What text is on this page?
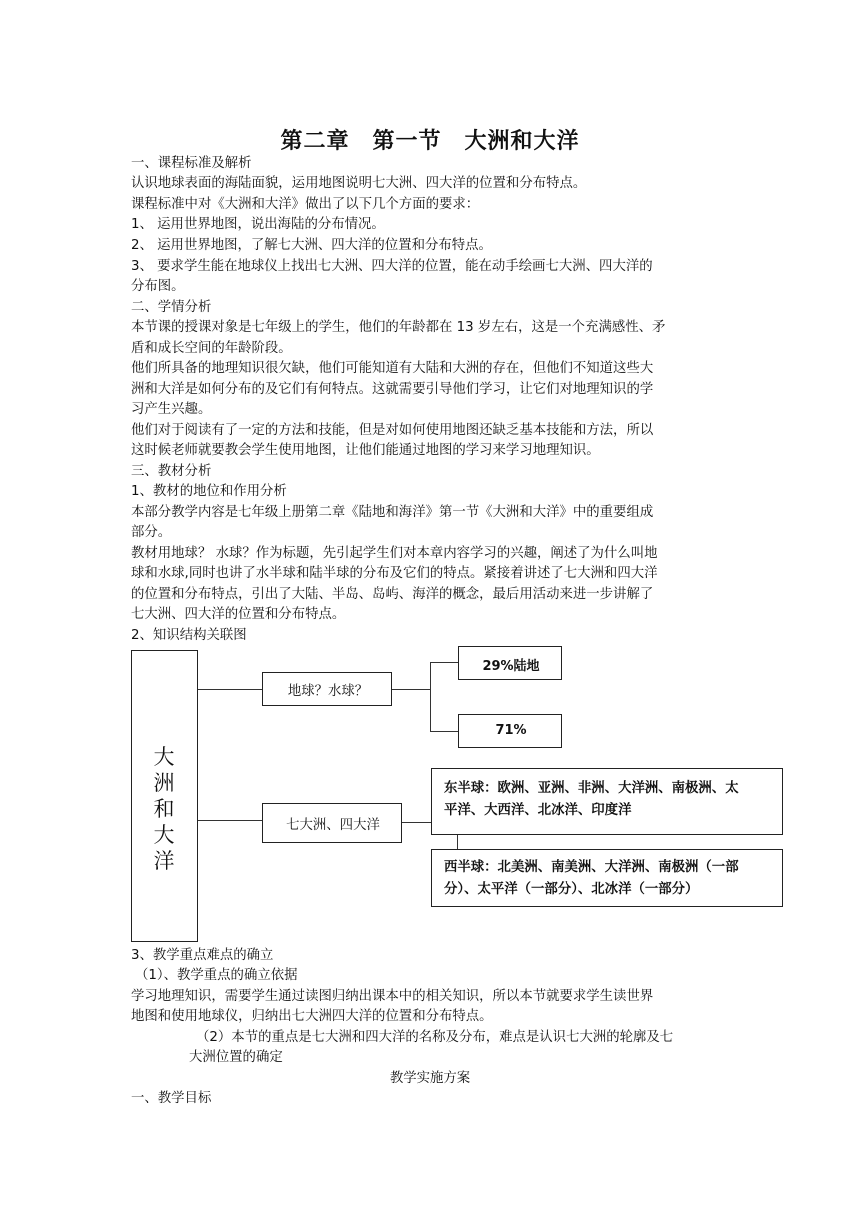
第二章　第一节　大洲和大洋
一、课程标准及解析
认识地球表面的海陆面貌，运用地图说明七大洲、四大洋的位置和分布特点。
课程标准中对《大洲和大洋》做出了以下几个方面的要求：
1、 运用世界地图，说出海陆的分布情况。
2、 运用世界地图，了解七大洲、四大洋的位置和分布特点。
3、 要求学生能在地球仪上找出七大洲、四大洋的位置，能在动手绘画七大洲、四大洋的
分布图。
二、学情分析
本节课的授课对象是七年级上的学生，他们的年龄都在 13 岁左右，这是一个充满感性、矛
盾和成长空间的年龄阶段。
他们所具备的地理知识很欠缺，他们可能知道有大陆和大洲的存在，但他们不知道这些大
洲和大洋是如何分布的及它们有何特点。这就需要引导他们学习，让它们对地理知识的学
习产生兴趣。
他们对于阅读有了一定的方法和技能，但是对如何使用地图还缺乏基本技能和方法，所以
这时候老师就要教会学生使用地图，让他们能通过地图的学习来学习地理知识。
三、教材分析
1、教材的地位和作用分析
本部分教学内容是七年级上册第二章《陆地和海洋》第一节《大洲和大洋》中的重要组成
部分。
教材用地球？ 水球？作为标题，先引起学生们对本章内容学习的兴趣，阐述了为什么叫地
球和水球,同时也讲了水半球和陆半球的分布及它们的特点。紧接着讲述了七大洲和四大洋
的位置和分布特点，引出了大陆、半岛、岛屿、海洋的概念，最后用活动来进一步讲解了
七大洲、四大洋的位置和分布特点。
2、知识结构关联图
大洲和大洋
地球？水球？
七大洲、四大洋
29%陆地
71%
东半球：欧洲、亚洲、非洲、大洋洲、南极洲、太
平洋、大西洋、北冰洋、印度洋
西半球：北美洲、南美洲、大洋洲、南极洲（一部
分）、太平洋（一部分）、北冰洋（一部分）
3、教学重点难点的确立
（1）、教学重点的确立依据
学习地理知识，需要学生通过读图归纳出课本中的相关知识，所以本节就要求学生读世界
地图和使用地球仪，归纳出七大洲四大洋的位置和分布特点。
（2）本节的重点是七大洲和四大洋的名称及分布，难点是认识七大洲的轮廓及七
大洲位置的确定
教学实施方案
一、教学目标
